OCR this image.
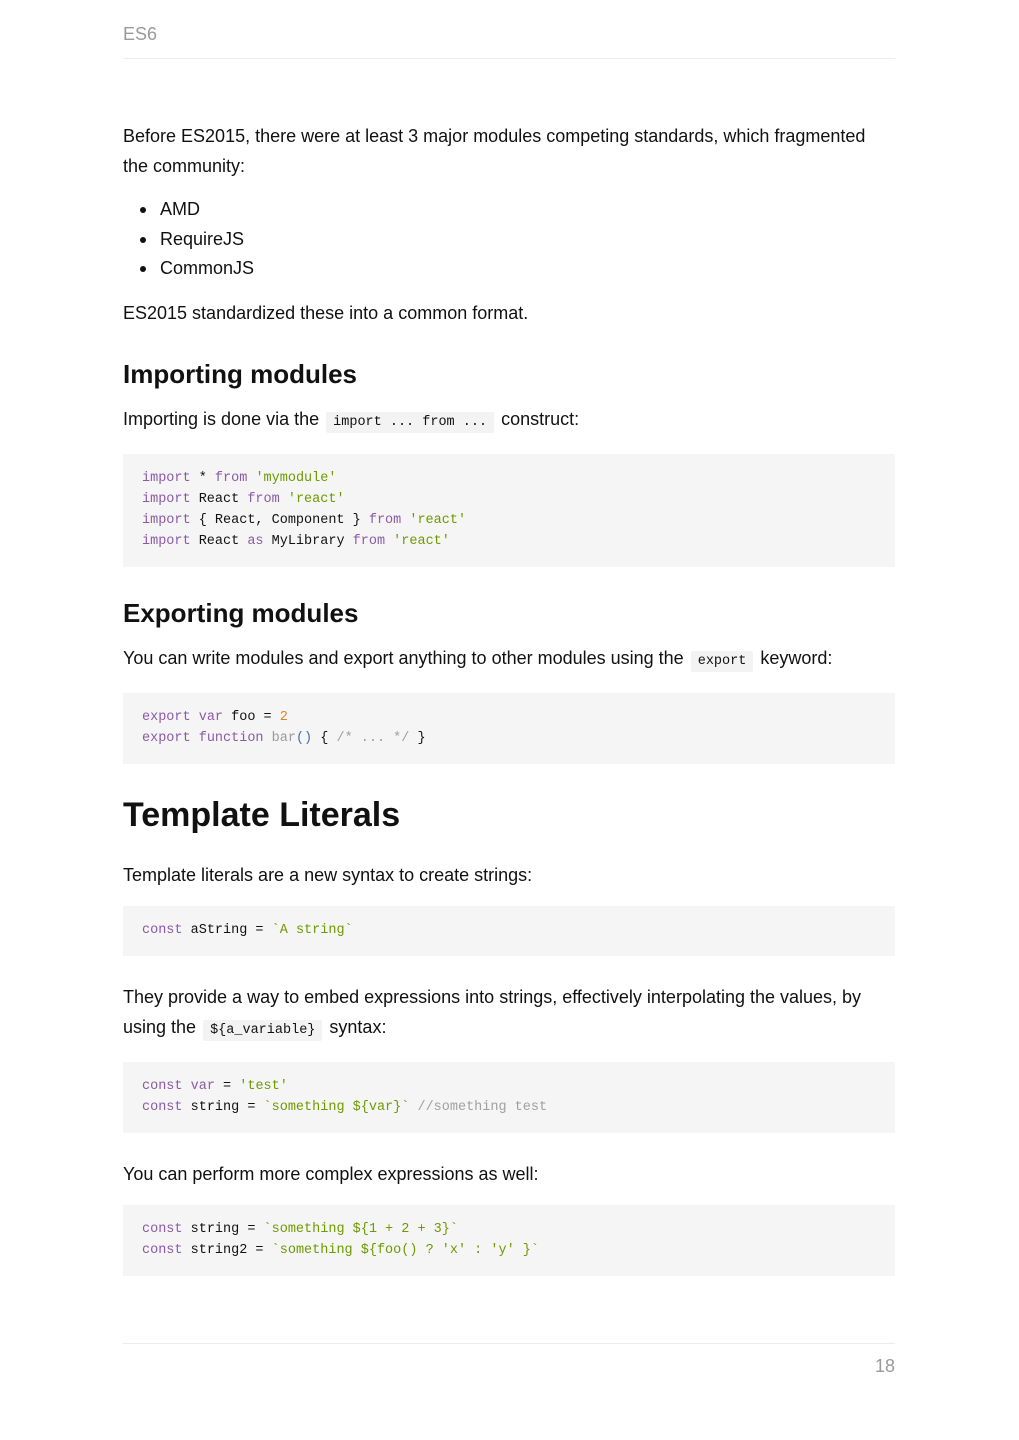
ES6

Before ES2015, there were at least 3 major modules competing standards, which fragmented the community:

AMD
RequireJS
CommonJS

ES2015 standardized these into a common format.

Importing modules

Importing is done via the import ... from ... construct:

import * from 'mymodule'
import React from 'react'
import { React, Component } from 'react'
import React as MyLibrary from 'react'
Exporting modules

You can write modules and export anything to other modules using the export keyword:

export var foo = 2
export function bar() { /* ... */ }
Template Literals

Template literals are a new syntax to create strings:

const aString = `A string`

They provide a way to embed expressions into strings, effectively interpolating the values, by using the ${a_variable} syntax:

const var = 'test'
const string = `something ${var}` //something test

You can perform more complex expressions as well:

const string = `something ${1 + 2 + 3}`
const string2 = `something ${foo() ? 'x' : 'y' }`
18
